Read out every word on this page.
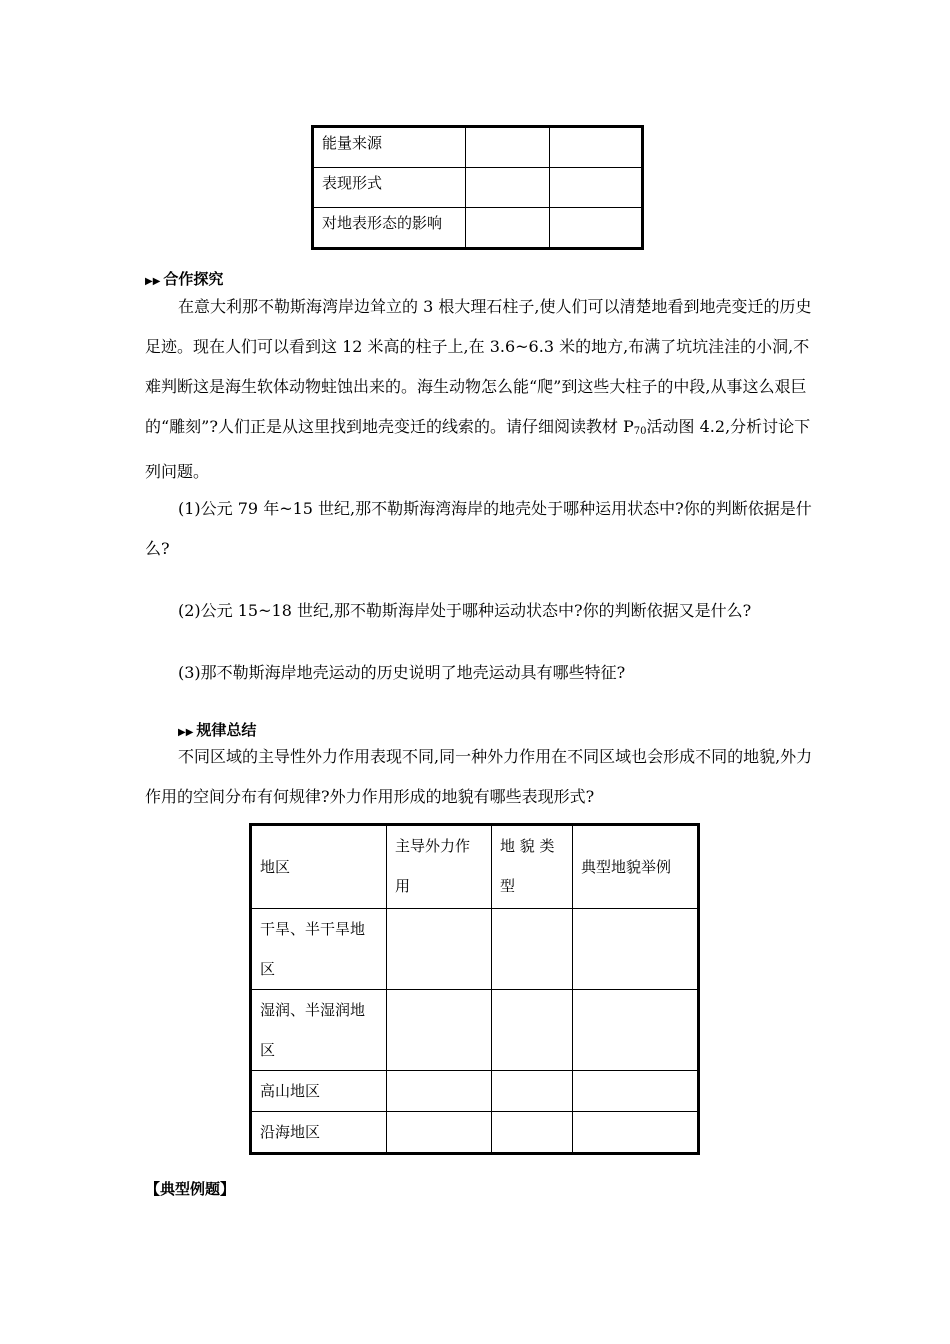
能量来源		
表现形式		
对地表形态的影响		
▶▶ 合作探究
在意大利那不勒斯海湾岸边耸立的 3 根大理石柱子,使人们可以清楚地看到地壳变迁的历史足迹。现在人们可以看到这 12 米高的柱子上,在 3.6~6.3 米的地方,布满了坑坑洼洼的小洞,不难判断这是海生软体动物蛀蚀出来的。海生动物怎么能“爬”到这些大柱子的中段,从事这么艰巨的“雕刻”?人们正是从这里找到地壳变迁的线索的。请仔细阅读教材 $P_{70}$活动图 4.2,分析讨论下列问题。
(1)公元 79 年~15 世纪,那不勒斯海湾海岸的地壳处于哪种运用状态中?你的判断依据是什么?
(2)公元 15~18 世纪,那不勒斯海岸处于哪种运动状态中?你的判断依据又是什么?
(3)那不勒斯海岸地壳运动的历史说明了地壳运动具有哪些特征?
▶▶ 规律总结
不同区域的主导性外力作用表现不同,同一种外力作用在不同区域也会形成不同的地貌,外力作用的空间分布有何规律?外力作用形成的地貌有哪些表现形式?
地区	主导外力作用	地 貌 类型	典型地貌举例
干旱、半干旱地区			
湿润、半湿润地区			
高山地区			
沿海地区			
【典型例题】
